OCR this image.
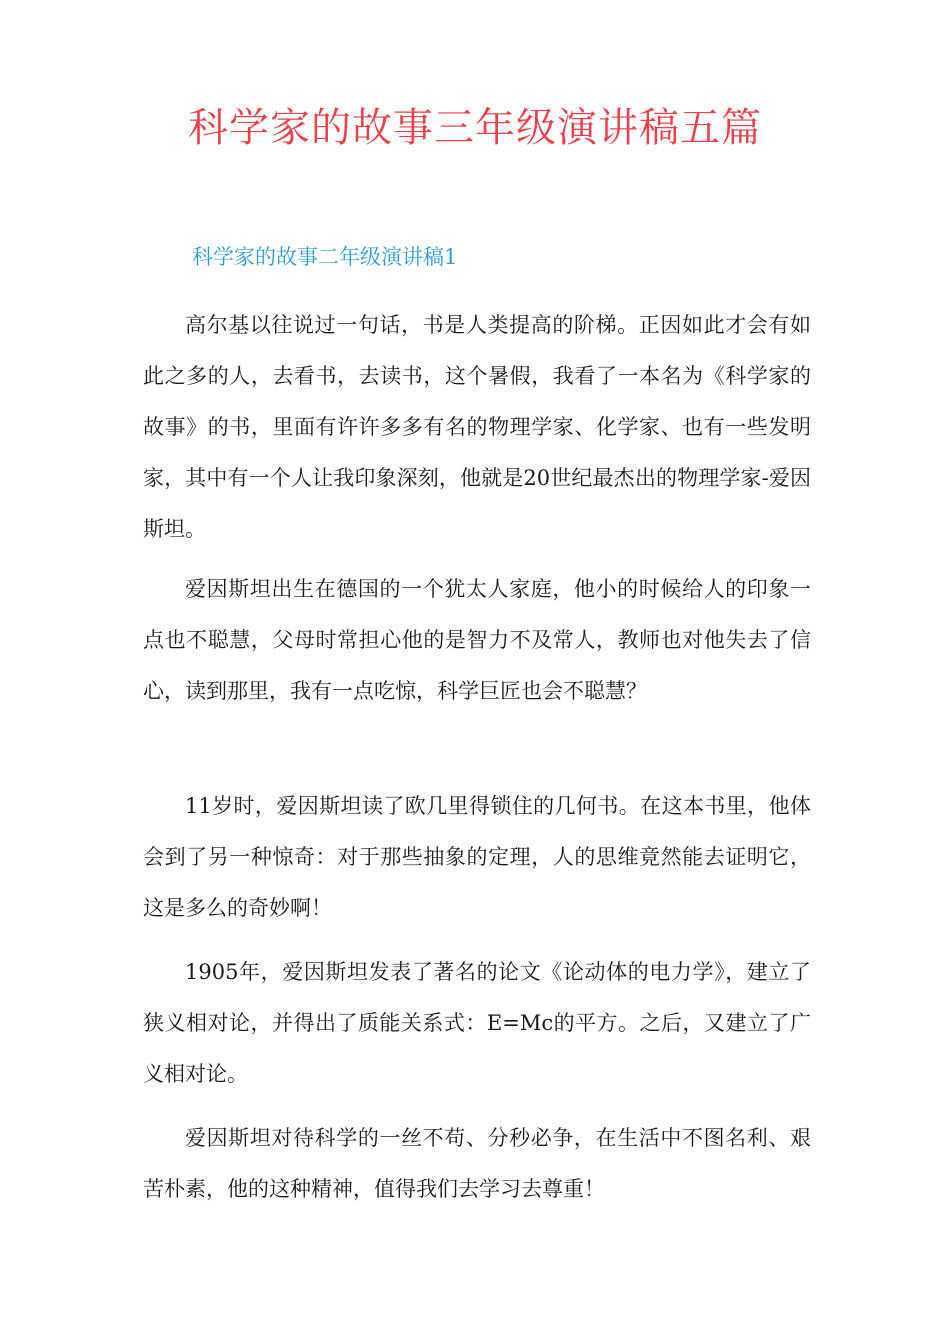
科学家的故事三年级演讲稿五篇
科学家的故事二年级演讲稿1

高尔基以往说过一句话，书是人类提高的阶梯。正因如此才会有如此之多的人，去看书，去读书，这个暑假，我看了一本名为《科学家的故事》的书，里面有许许多多有名的物理学家、化学家、也有一些发明家，其中有一个人让我印象深刻，他就是20世纪最杰出的物理学家-爱因斯坦。

爱因斯坦出生在德国的一个犹太人家庭，他小的时候给人的印象一点也不聪慧，父母时常担心他的是智力不及常人，教师也对他失去了信心，读到那里，我有一点吃惊，科学巨匠也会不聪慧？

11岁时，爱因斯坦读了欧几里得锁住的几何书。在这本书里，他体会到了另一种惊奇：对于那些抽象的定理，人的思维竟然能去证明它，这是多么的奇妙啊！

1905年，爱因斯坦发表了著名的论文《论动体的电力学》，建立了狭义相对论，并得出了质能关系式：E=Mc的平方。之后，又建立了广义相对论。

爱因斯坦对待科学的一丝不苟、分秒必争，在生活中不图名利、艰苦朴素，他的这种精神，值得我们去学习去尊重！
